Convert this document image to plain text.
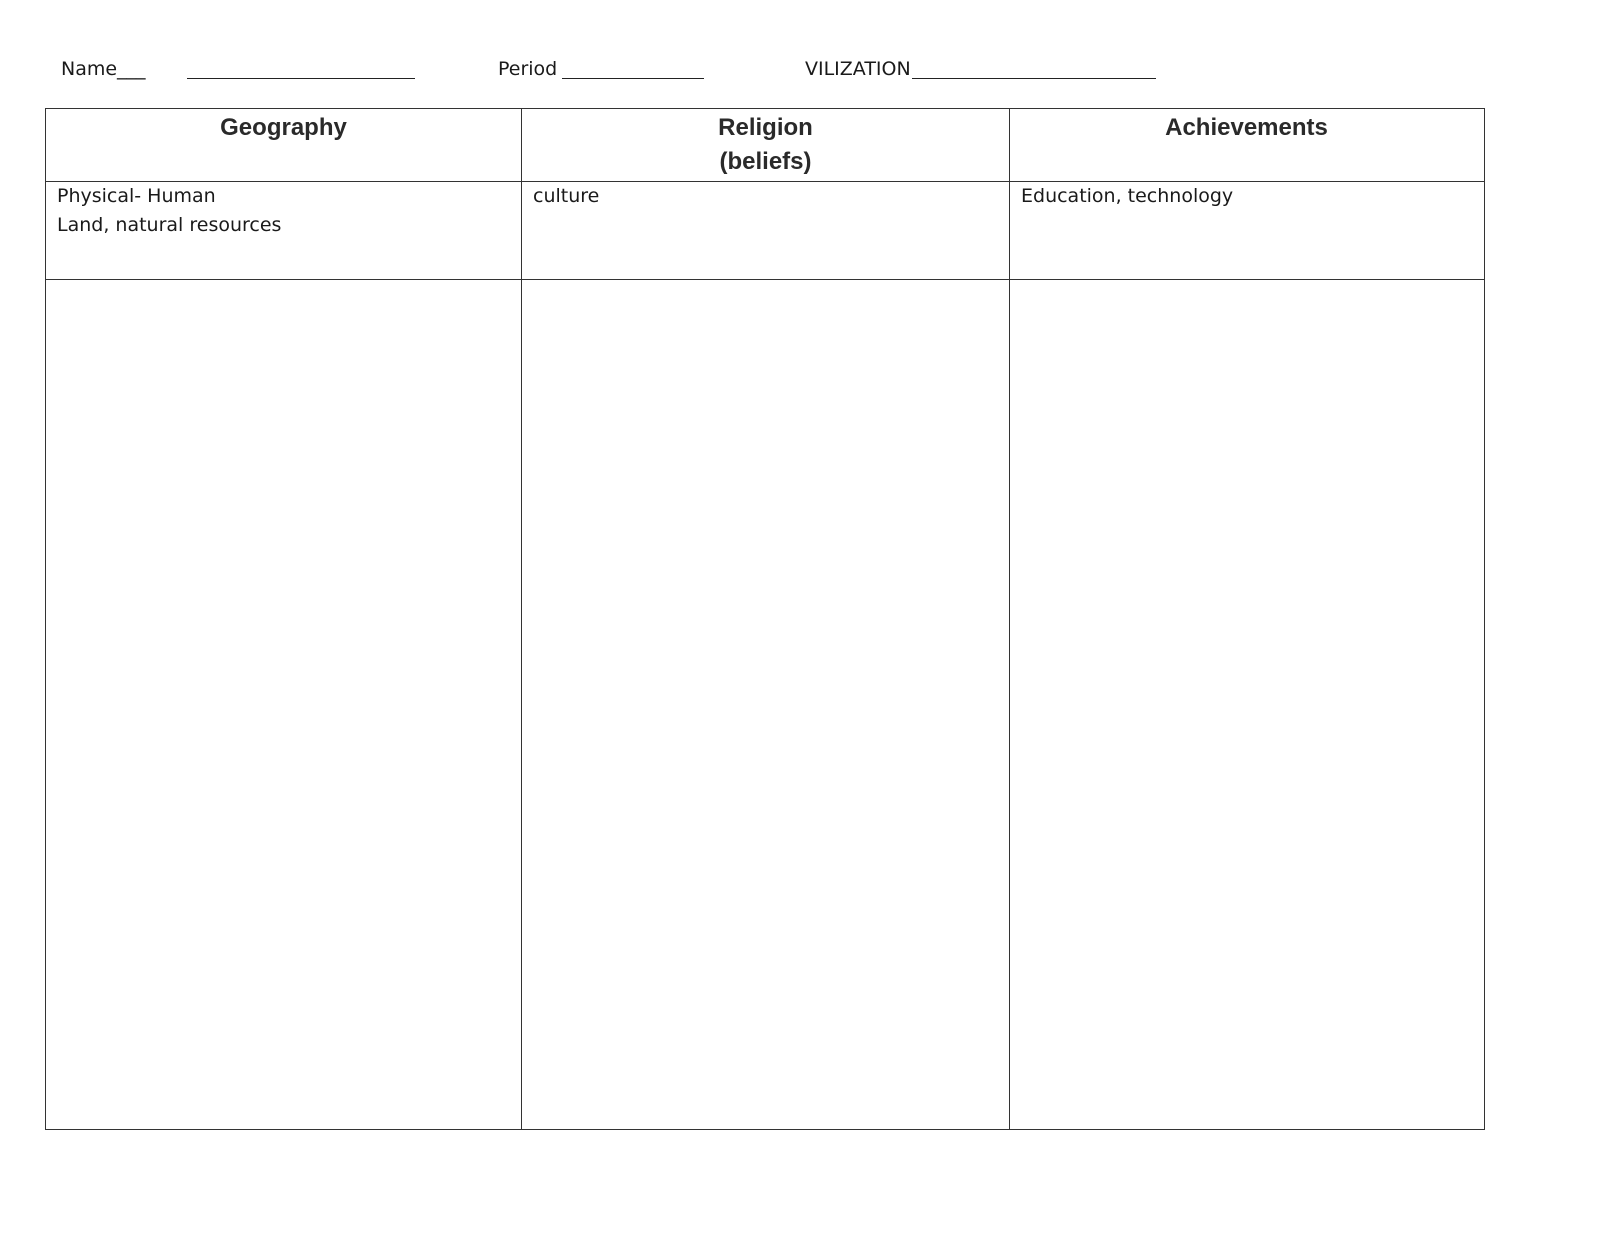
Name___	Period	VILIZATION
Geography
Physical- Human
Land, natural resources
Religion
(beliefs)
culture
Achievements
Education, technology
